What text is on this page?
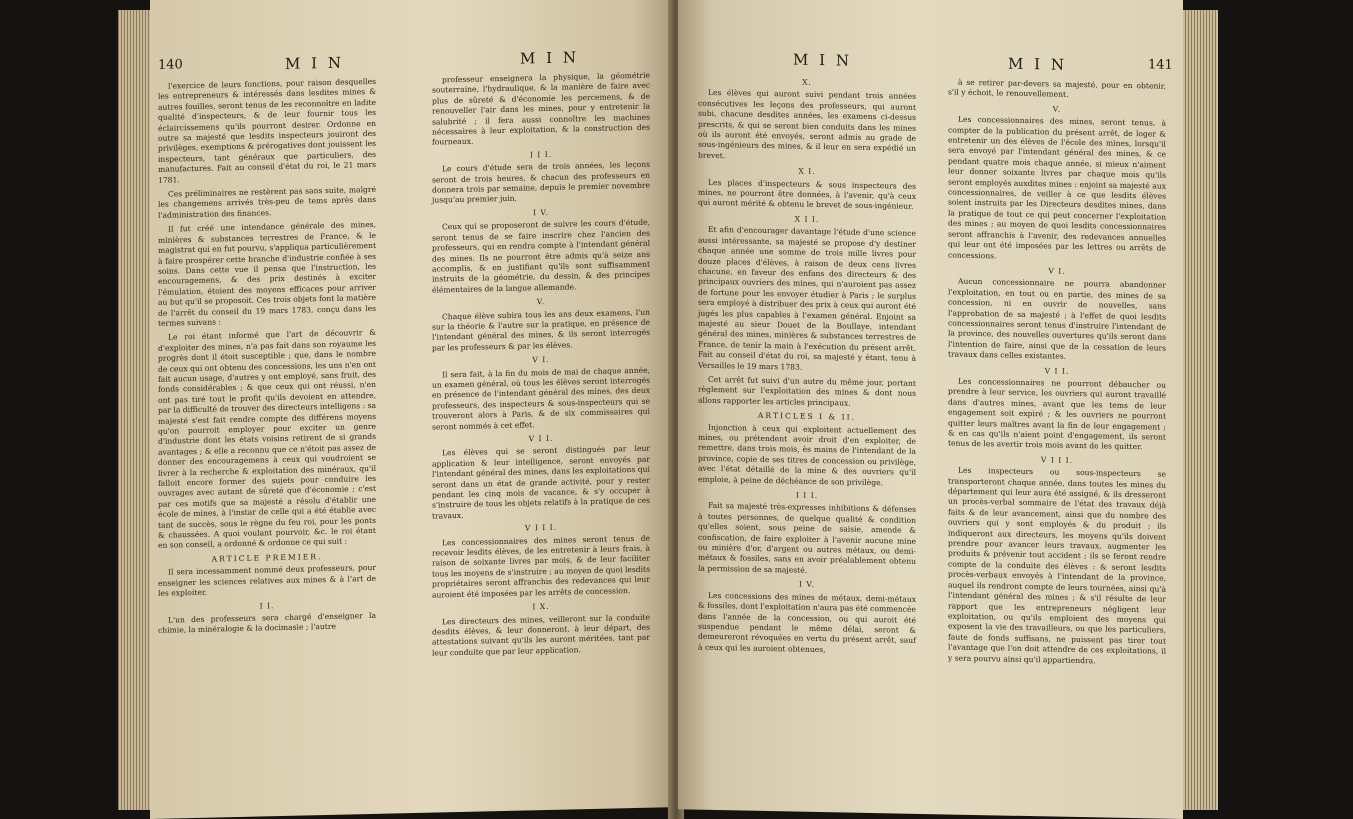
140	M I N	M I N

l'exercice de leurs fonctions, pour raison desquelles les entrepreneurs & intéressés dans lesdites mines & autres fouilles, seront tenus de les reconnoître en ladite qualité d'inspecteurs, & de leur fournir tous les éclaircissemens qu'ils pourront desirer. Ordonne en outre sa majesté que lesdits inspecteurs jouiront des privilèges, exemptions & prérogatives dont jouissent les inspecteurs, tant généraux que particuliers, des manufactures. Fait au conseil d'état du roi, le 21 mars 1781.

Ces préliminaires ne restèrent pas sans suite, malgré les changemens arrivés très-peu de tems après dans l'administration des finances.

Il fut créé une intendance générale des mines, minières & substances terrestres de France, & le magistrat qui en fut pourvu, s'appliqua particulièrement à faire prospérer cette branche d'industrie confiée à ses soins. Dans cette vue il pensa que l'instruction, les encouragemens, & des prix destinés à exciter l'émulation, étoient des moyens efficaces pour arriver au but qu'il se proposoit. Ces trois objets font la matière de l'arrêt du conseil du 19 mars 1783, conçu dans les termes suivans :

Le roi étant informé que l'art de découvrir & d'exploiter des mines, n'a pas fait dans son royaume les progrès dont il étoit susceptible ; que, dans le nombre de ceux qui ont obtenu des concessions, les uns n'en ont fait aucun usage, d'autres y ont employé, sans fruit, des fonds considérables ; & que ceux qui ont réussi, n'en ont pas tiré tout le profit qu'ils devoient en attendre, par la difficulté de trouver des directeurs intelligens : sa majesté s'est fait rendre compte des différens moyens qu'on pourroit employer pour exciter un genre d'industrie dont les états voisins retirent de si grands avantages ; & elle a reconnu que ce n'étoit pas assez de donner des encouragemens à ceux qui voudroient se livrer à la recherche & exploitation des minéraux, qu'il falloit encore former des sujets pour conduire les ouvrages avec autant de sûreté que d'économie ; c'est par ces motifs que sa majesté a résolu d'établir une école de mines, à l'instar de celle qui a été établie avec tant de succès, sous le règne du feu roi, pour les ponts & chaussées. A quoi voulant pourvoir, &c. le roi étant en son conseil, a ordonné & ordonne ce qui suit :

ARTICLE PREMIER.

Il sera incessamment nommé deux professeurs, pour enseigner les sciences relatives aux mines & à l'art de les exploiter.

I I.

L'un des professeurs sera chargé d'enseigner la chimie, la minéralogie & la docimasie ; l'autre

professeur enseignera la physique, la géométrie souterraine, l'hydraulique, & la manière de faire avec plus de sûreté & d'économie les percemens, & de renouveller l'air dans les mines, pour y entretenir la salubrité ; il fera aussi connoître les machines nécessaires à leur exploitation, & la construction des fourneaux.

I I I.

Le cours d'étude sera de trois années, les leçons seront de trois heures, & chacun des professeurs en donnera trois par semaine, depuis le premier novembre jusqu'au premier juin.

I V.

Ceux qui se proposeront de suivre les cours d'étude, seront tenus de se faire inscrire chez l'ancien des professeurs, qui en rendra compte à l'intendant général des mines. Ils ne pourront être admis qu'à seize ans accomplis, & en justifiant qu'ils sont suffisamment instruits de la géométrie, du dessin, & des principes élémentaires de la langue allemande.

V.

Chaque élève subira tous les ans deux examens, l'un sur la théorie & l'autre sur la pratique, en présence de l'intendant général des mines, & ils seront interrogés par les professeurs & par les élèves.

V I.

Il sera fait, à la fin du mois de mai de chaque année, un examen général, où tous les élèves seront interrogés en présence de l'intendant général des mines, des deux professeurs, des inspecteurs & sous-inspecteurs qui se trouveront alors à Paris, & de six commissaires qui seront nommés à cet effet.

V I I.

Les élèves qui se seront distingués par leur application & leur intelligence, seront envoyés par l'intendant général des mines, dans les exploitations qui seront dans un état de grande activité, pour y rester pendant les cinq mois de vacance, & s'y occuper à s'instruire de tous les objets relatifs à la pratique de ces travaux.

V I I I.

Les concessionnaires des mines seront tenus de recevoir lesdits élèves, de les entretenir à leurs frais, à raison de soixante livres par mois, & de leur faciliter tous les moyens de s'instruire ; au moyen de quoi lesdits propriétaires seront affranchis des redevances qui leur auroient été imposées par les arrêts de concession.

I X.

Les directeurs des mines, veilleront sur la conduite desdits élèves, & leur donneront, à leur départ, des attestations suivant qu'ils les auront méritées, tant par leur conduite que par leur application.

M I N	M I N	141

X.

Les élèves qui auront suivi pendant trois années consécutives les leçons des professeurs, qui auront subi, chacune desdites années, les examens ci-dessus prescrits, & qui se seront bien conduits dans les mines où ils auront été envoyés, seront admis au grade de sous-ingénieurs des mines, & il leur en sera expédié un brevet.

X I.

Les places d'inspecteurs & sous inspecteurs des mines, ne pourront être données, à l'avenir, qu'à ceux qui auront mérité & obtenu le brevet de sous-ingénieur.

X I I.

Et afin d'encourager davantage l'étude d'une science aussi intéressante, sa majesté se propose d'y destiner chaque année une somme de trois mille livres pour douze places d'élèves, à raison de deux cens livres chacune, en faveur des enfans des directeurs & des principaux ouvriers des mines, qui n'auroient pas assez de fortune pour les envoyer étudier à Paris ; le surplus sera employé à distribuer des prix à ceux qui auront été jugés les plus capables à l'examen général. Enjoint sa majesté au sieur Douet de la Boullaye, intendant général des mines, minières & substances terrestres de France, de tenir la main à l'exécution du présent arrêt. Fait au conseil d'état du roi, sa majesté y étant, tenu à Versailles le 19 mars 1783.

Cet arrêt fut suivi d'un autre du même jour, portant règlement sur l'exploitation des mines & dont nous allons rapporter les articles principaux.

ARTICLES I & II.

Injonction à ceux qui exploitent actuellement des mines, ou prétendent avoir droit d'en exploiter, de remettre, dans trois mois, ès mains de l'intendant de la province, copie de ses titres de concession ou privilège, avec l'état détaillé de la mine & des ouvriers qu'il emploie, à peine de déchéance de son privilège.

I I I.

Fait sa majesté très-expresses inhibitions & défenses à toutes personnes, de quelque qualité & condition qu'elles soient, sous peine de saisie, amende & confiscation, de faire exploiter à l'avenir aucune mine ou minière d'or, d'argent ou autres métaux, ou demi-métaux & fossiles, sans en avoir préalablement obtenu la permission de sa majesté.

I V.

Les concessions des mines de métaux, demi-métaux & fossiles, dont l'exploitation n'aura pas été commencée dans l'année de la concession, ou qui auroit été suspendue pendant le même délai, seront & demeureront révoquées en vertu du présent arrêt, sauf à ceux qui les auroient obtenues,

à se retirer par-devers sa majesté, pour en obtenir, s'il y échoit, le renouvellement.

V.

Les concessionnaires des mines, seront tenus, à compter de la publication du présent arrêt, de loger & entretenir un des élèves de l'école des mines, lorsqu'il sera envoyé par l'intendant général des mines, & ce pendant quatre mois chaque année, si mieux n'aiment leur donner soixante livres par chaque mois qu'ils seront employés auxdites mines : enjoint sa majesté aux concessionnaires, de veiller à ce que lesdits élèves soient instruits par les Directeurs desdites mines, dans la pratique de tout ce qui peut concerner l'exploitation des mines ; au moyen de quoi lesdits concessionnaires seront affranchis à l'avenir, des redevances annuelles qui leur ont été imposées par les lettres ou arrêts de concessions.

V I.

Aucun concessionnaire ne pourra abandonner l'exploitation, en tout ou en partie, des mines de sa concession, ni en ouvrir de nouvelles, sans l'approbation de sa majesté ; à l'effet de quoi lesdits concessionnaires seront tenus d'instruire l'intendant de la province, des nouvelles ouvertures qu'ils seront dans l'intention de faire, ainsi que de la cessation de leurs travaux dans celles existantes.

V I I.

Les concessionnaires ne pourront débaucher ou prendre à leur service, les ouvriers qui auront travaillé dans d'autres mines, avant que les tems de leur engagement soit expiré ; & les ouvriers ne pourront quitter leurs maîtres avant la fin de leur engagement ; & en cas qu'ils n'aient point d'engagement, ils seront tenus de les avertir trois mois avant de les quitter.

V I I I.

Les inspecteurs ou sous-inspecteurs se transporteront chaque année, dans toutes les mines du département qui leur aura été assigné, & ils dresseront un procès-verbal sommaire de l'état des travaux déjà faits & de leur avancement, ainsi que du nombre des ouvriers qui y sont employés & du produit ; ils indiqueront aux directeurs, les moyens qu'ils doivent prendre pour avancer leurs travaux, augmenter les produits & prévenir tout accident ; ils se feront rendre compte de la conduite des élèves : & seront lesdits procès-verbaux envoyés à l'intendant de la province, auquel ils rendront compte de leurs tournées, ainsi qu'à l'intendant général des mines ; & s'il résulte de leur rapport que les entrepreneurs négligent leur exploitation, ou qu'ils emploient des moyens qui exposent la vie des travailleurs, ou que les particuliers, faute de fonds suffisans, ne puissent pas tirer tout l'avantage que l'on doit attendre de ces exploitations, il y sera pourvu ainsi qu'il appartiendra.
